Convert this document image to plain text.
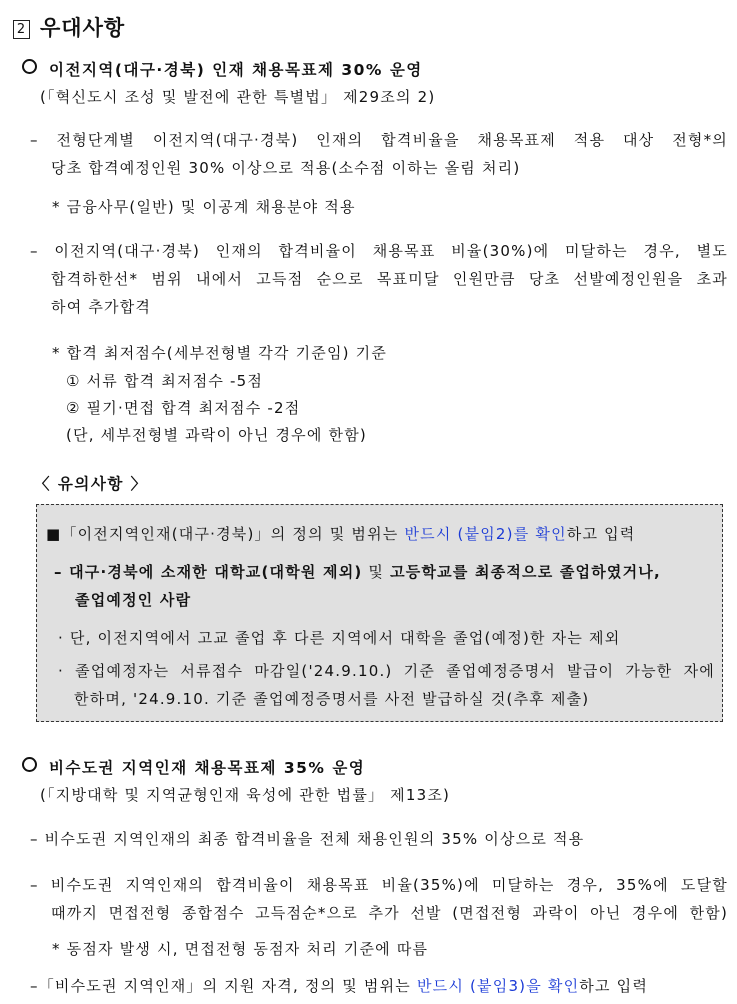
2 우대사항
이전지역(대구·경북) 인재 채용목표제 30% 운영
(「혁신도시 조성 및 발전에 관한 특별법」 제29조의 2)
– 전형단계별 이전지역(대구·경북) 인재의 합격비율을 채용목표제 적용 대상 전형*의
당초 합격예정인원 30% 이상으로 적용(소수점 이하는 올림 처리)
* 금융사무(일반) 및 이공계 채용분야 적용
– 이전지역(대구·경북) 인재의 합격비율이 채용목표 비율(30%)에 미달하는 경우, 별도
합격하한선* 범위 내에서 고득점 순으로 목표미달 인원만큼 당초 선발예정인원을 초과
하여 추가합격
* 합격 최저점수(세부전형별 각각 기준임) 기준
① 서류 합격 최저점수 -5점
② 필기·면접 합격 최저점수 -2점
(단, 세부전형별 과락이 아닌 경우에 한함)
〈 유의사항 〉
■「이전지역인재(대구·경북)」의 정의 및 범위는 반드시 (붙임2)를 확인하고 입력
– 대구·경북에 소재한 대학교(대학원 제외) 및 고등학교를 최종적으로 졸업하였거나,
졸업예정인 사람
· 단, 이전지역에서 고교 졸업 후 다른 지역에서 대학을 졸업(예정)한 자는 제외
· 졸업예정자는 서류접수 마감일('24.9.10.) 기준 졸업예정증명서 발급이 가능한 자에
한하며, '24.9.10. 기준 졸업예정증명서를 사전 발급하실 것(추후 제출)
비수도권 지역인재 채용목표제 35% 운영
(「지방대학 및 지역균형인재 육성에 관한 법률」 제13조)
– 비수도권 지역인재의 최종 합격비율을 전체 채용인원의 35% 이상으로 적용
– 비수도권 지역인재의 합격비율이 채용목표 비율(35%)에 미달하는 경우, 35%에 도달할
때까지 면접전형 종합점수 고득점순*으로 추가 선발 (면접전형 과락이 아닌 경우에 한함)
* 동점자 발생 시, 면접전형 동점자 처리 기준에 따름
–「비수도권 지역인재」의 지원 자격, 정의 및 범위는 반드시 (붙임3)을 확인하고 입력
